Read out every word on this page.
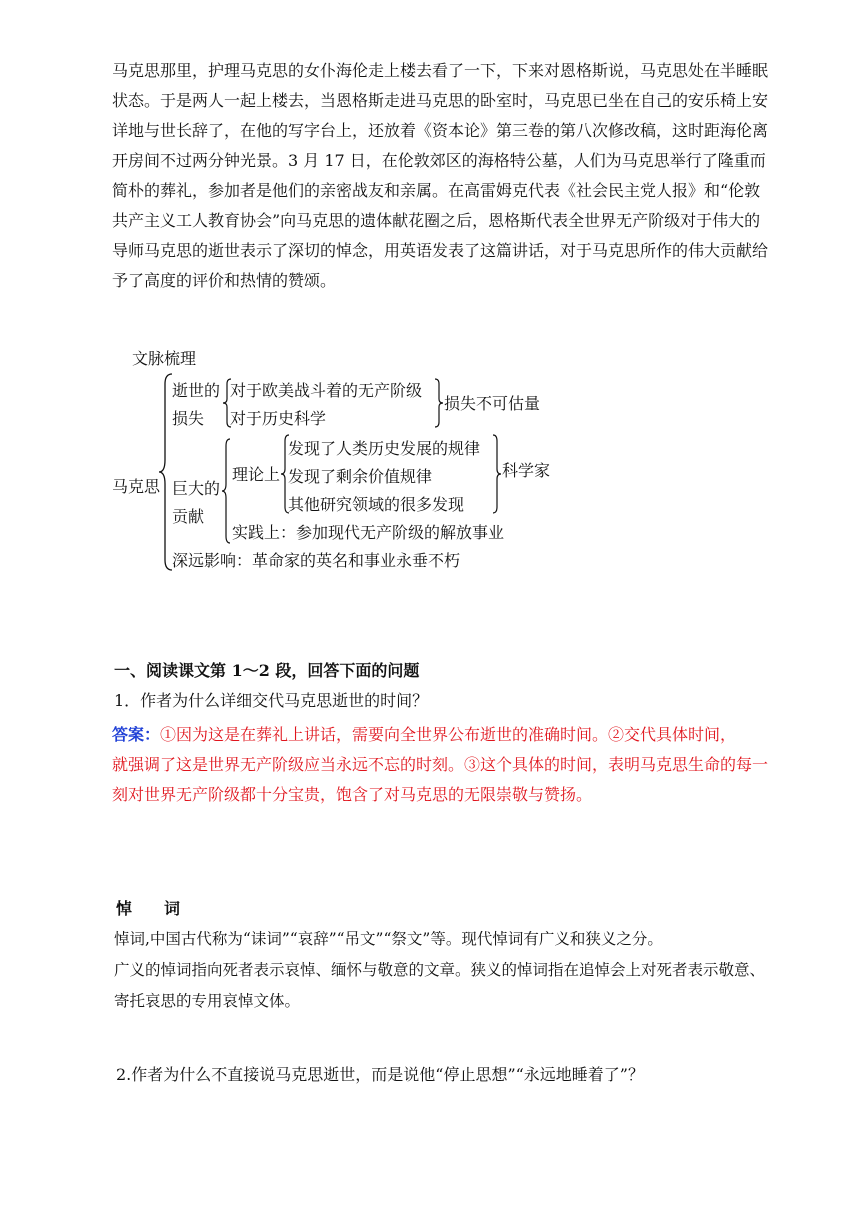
马克思那里，护理马克思的女仆海伦走上楼去看了一下，下来对恩格斯说，马克思处在半睡眠
状态。于是两人一起上楼去，当恩格斯走进马克思的卧室时，马克思已坐在自己的安乐椅上安
详地与世长辞了，在他的写字台上，还放着《资本论》第三卷的第八次修改稿，这时距海伦离
开房间不过两分钟光景。3 月 17 日，在伦敦郊区的海格特公墓，人们为马克思举行了隆重而
简朴的葬礼，参加者是他们的亲密战友和亲属。在高雷姆克代表《社会民主党人报》和“伦敦
共产主义工人教育协会”向马克思的遗体献花圈之后，恩格斯代表全世界无产阶级对于伟大的
导师马克思的逝世表示了深切的悼念，用英语发表了这篇讲话，对于马克思所作的伟大贡献给
予了高度的评价和热情的赞颂。
文脉梳理
马克思
逝世的
损失
对于欧美战斗着的无产阶级
对于历史科学
损失不可估量
巨大的
贡献
理论上
发现了人类历史发展的规律
发现了剩余价值规律
其他研究领域的很多发现
科学家
实践上：参加现代无产阶级的解放事业
深远影响：革命家的英名和事业永垂不朽
一、阅读课文第 1～2 段，回答下面的问题
1．作者为什么详细交代马克思逝世的时间？
答案：①因为这是在葬礼上讲话，需要向全世界公布逝世的准确时间。②交代具体时间，
就强调了这是世界无产阶级应当永远不忘的时刻。③这个具体的时间，表明马克思生命的每一
刻对世界无产阶级都十分宝贵，饱含了对马克思的无限崇敬与赞扬。
悼　　词
悼词,中国古代称为“诔词”“哀辞”“吊文”“祭文”等。现代悼词有广义和狭义之分。
广义的悼词指向死者表示哀悼、缅怀与敬意的文章。狭义的悼词指在追悼会上对死者表示敬意、
寄托哀思的专用哀悼文体。
2.作者为什么不直接说马克思逝世，而是说他“停止思想”“永远地睡着了”？
